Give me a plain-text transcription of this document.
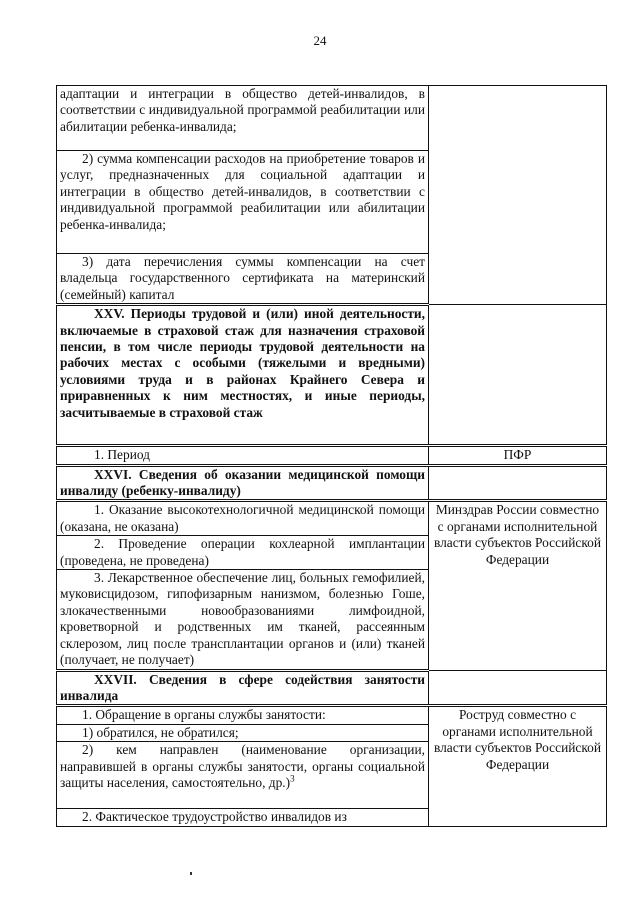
24
адаптации и интеграции в общество детей-инвалидов, в соответствии с индивидуальной программой реабилитации или абилитации ребенка-инвалида;	
2) сумма компенсации расходов на приобретение товаров и услуг, предназначенных для социальной адаптации и интеграции в общество детей-инвалидов, в соответствии с индивидуальной программой реабилитации или абилитации ребенка-инвалида;	
3) дата перечисления суммы компенсации на счет владельца государственного сертификата на материнский (семейный) капитал	
XXV. Периоды трудовой и (или) иной деятельности, включаемые в страховой стаж для назначения страховой пенсии, в том числе периоды трудовой деятельности на рабочих местах с особыми (тяжелыми и вредными) условиями труда и в районах Крайнего Севера и приравненных к ним местностях, и иные периоды, засчитываемые в страховой стаж	
1. Период	ПФР
XXVI. Сведения об оказании медицинской помощи инвалиду (ребенку-инвалиду)	
1. Оказание высокотехнологичной медицинской помощи (оказана, не оказана)	Минздрав России совместно с органами исполнительной власти субъектов Российской Федерации
2. Проведение операции кохлеарной имплантации (проведена, не проведена)	
3. Лекарственное обеспечение лиц, больных гемофилией, муковисцидозом, гипофизарным нанизмом, болезнью Гоше, злокачественными новообразованиями лимфоидной, кроветворной и родственных им тканей, рассеянным склерозом, лиц после трансплантации органов и (или) тканей (получает, не получает)	
XXVII. Сведения в сфере содействия занятости инвалида	
1. Обращение в органы службы занятости:	Роструд совместно с органами исполнительной власти субъектов Российской Федерации
1) обратился, не обратился;	
2) кем направлен (наименование организации, направившей в органы службы занятости, органы социальной защиты населения, самостоятельно, др.)$^3$
2. Фактическое трудоустройство инвалидов из	
